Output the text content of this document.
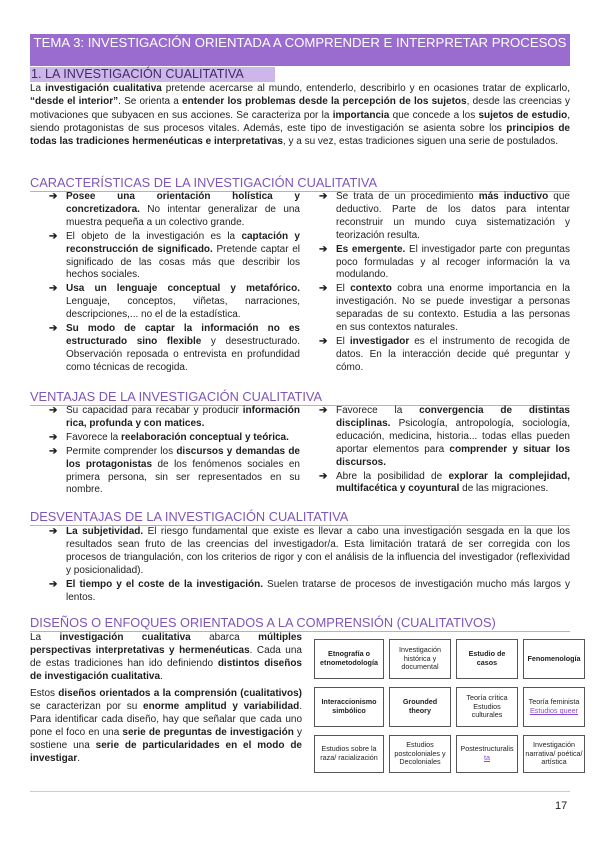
TEMA 3: INVESTIGACIÓN ORIENTADA A COMPRENDER E INTERPRETAR PROCESOS
1. LA INVESTIGACIÓN CUALITATIVA
La investigación cualitativa pretende acercarse al mundo, entenderlo, describirlo y en ocasiones tratar de explicarlo, “desde el interior”. Se orienta a entender los problemas desde la percepción de los sujetos, desde las creencias y motivaciones que subyacen en sus acciones. Se caracteriza por la importancia que concede a los sujetos de estudio, siendo protagonistas de sus procesos vitales. Además, este tipo de investigación se asienta sobre los principios de todas las tradiciones hermenéuticas e interpretativas, y a su vez, estas tradiciones siguen una serie de postulados.
CARACTERÍSTICAS DE LA INVESTIGACIÓN CUALITATIVA
➔ Posee una orientación holística y concretizadora. No intentar generalizar de una muestra pequeña a un colectivo grande.
➔ El objeto de la investigación es la captación y reconstrucción de significado. Pretende captar el significado de las cosas más que describir los hechos sociales.
➔ Usa un lenguaje conceptual y metafórico. Lenguaje, conceptos, viñetas, narraciones, descripciones,... no el de la estadística.
➔ Su modo de captar la información no es estructurado sino flexible y desestructurado. Observación reposada o entrevista en profundidad como técnicas de recogida.
➔ Se trata de un procedimiento más inductivo que deductivo. Parte de los datos para intentar reconstruir un mundo cuya sistematización y teorización resulta.
➔ Es emergente. El investigador parte con preguntas poco formuladas y al recoger información la va modulando.
➔ El contexto cobra una enorme importancia en la investigación. No se puede investigar a personas separadas de su contexto. Estudia a las personas en sus contextos naturales.
➔ El investigador es el instrumento de recogida de datos. En la interacción decide qué preguntar y cómo.
VENTAJAS DE LA INVESTIGACIÓN CUALITATIVA
➔ Su capacidad para recabar y producir información rica, profunda y con matices.
➔ Favorece la reelaboración conceptual y teórica.
➔ Permite comprender los discursos y demandas de los protagonistas de los fenómenos sociales en primera persona, sin ser representados en su nombre.
➔ Favorece la convergencia de distintas disciplinas. Psicología, antropología, sociología, educación, medicina, historia... todas ellas pueden aportar elementos para comprender y situar los discursos.
➔ Abre la posibilidad de explorar la complejidad, multifacética y coyuntural de las migraciones.
DESVENTAJAS DE LA INVESTIGACIÓN CUALITATIVA
➔ La subjetividad. El riesgo fundamental que existe es llevar a cabo una investigación sesgada en la que los resultados sean fruto de las creencias del investigador/a. Esta limitación tratará de ser corregida con los procesos de triangulación, con los criterios de rigor y con el análisis de la influencia del investigador (reflexividad y posicionalidad).
➔ El tiempo y el coste de la investigación. Suelen tratarse de procesos de investigación mucho más largos y lentos.
DISEÑOS O ENFOQUES ORIENTADOS A LA COMPRENSIÓN (CUALITATIVOS)
La investigación cualitativa abarca múltiples perspectivas interpretativas y hermenéuticas. Cada una de estas tradiciones han ido definiendo distintos diseños de investigación cualitativa.
Estos diseños orientados a la comprensión (cualitativos) se caracterizan por su enorme amplitud y variabilidad. Para identificar cada diseño, hay que señalar que cada uno pone el foco en una serie de preguntas de investigación y sostiene una serie de particularidades en el modo de investigar.
Etnografía o etnometodología
Investigación histórica y documental
Estudio de casos	Fenomenología
Interaccionismo simbólico
Grounded theory
Teoría crítica
Estudios culturales
Teoría feminista
Estudios queer
Estudios sobre la raza/ racialización
Estudios postcoloniales y Decoloniales
Postestructuralis
ta
Investigación narrativa/ poética/ artística
17
